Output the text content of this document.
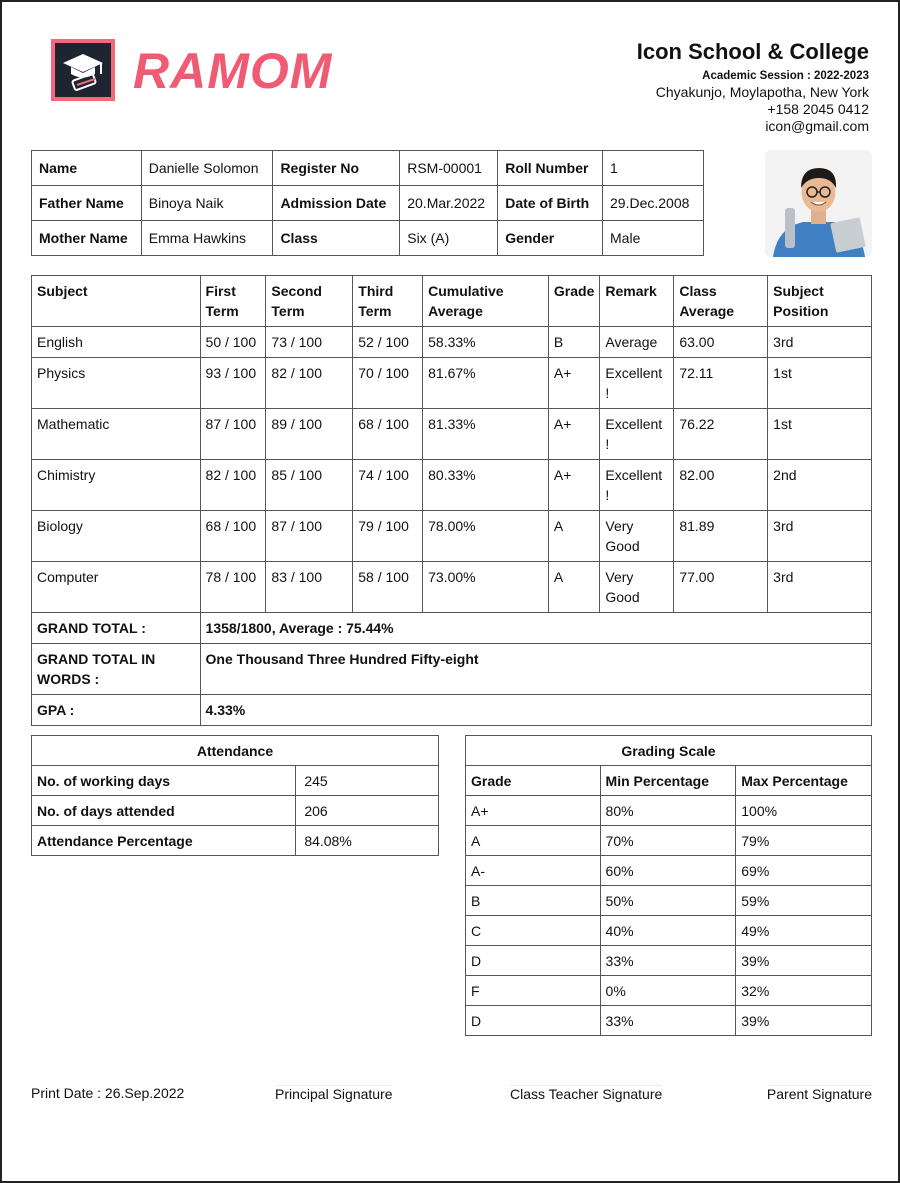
RAMOM	Icon School & College
Academic Session : 2022-2023
Chyakunjo, Moylapotha, New York
+158 2045 0412
icon@gmail.com
Name	Danielle Solomon	Register No	RSM-00001	Roll Number	1
Father Name	Binoya Naik	Admission Date	20.Mar.2022	Date of Birth	29.Dec.2008
Mother Name	Emma Hawkins	Class	Six (A)	Gender	Male
Subject	First Term	Second Term	Third Term	Cumulative Average	Grade	Remark	Class Average	Subject Position
English	50 / 100	73 / 100	52 / 100	58.33%	B	Average	63.00	3rd
Physics	93 / 100	82 / 100	70 / 100	81.67%	A+	Excellent !	72.11	1st
Mathematic	87 / 100	89 / 100	68 / 100	81.33%	A+	Excellent !	76.22	1st
Chimistry	82 / 100	85 / 100	74 / 100	80.33%	A+	Excellent !	82.00	2nd
Biology	68 / 100	87 / 100	79 / 100	78.00%	A	Very Good	81.89	3rd
Computer	78 / 100	83 / 100	58 / 100	73.00%	A	Very Good	77.00	3rd
GRAND TOTAL :	1358/1800, Average : 75.44%							
GRAND TOTAL IN WORDS :	One Thousand Three Hundred Fifty-eight							
GPA :	4.33%							
Attendance	
No. of working days	245
No. of days attended	206
Attendance Percentage	84.08%
Grading Scale		
Grade	Min Percentage	Max Percentage
A+	80%	100%
A	70%	79%
A-	60%	69%
B	50%	59%
C	40%	49%
D	33%	39%
F	0%	32%
D	33%	39%
Print Date : 26.Sep.2022	Principal Signature	Class Teacher Signature	Parent Signature
